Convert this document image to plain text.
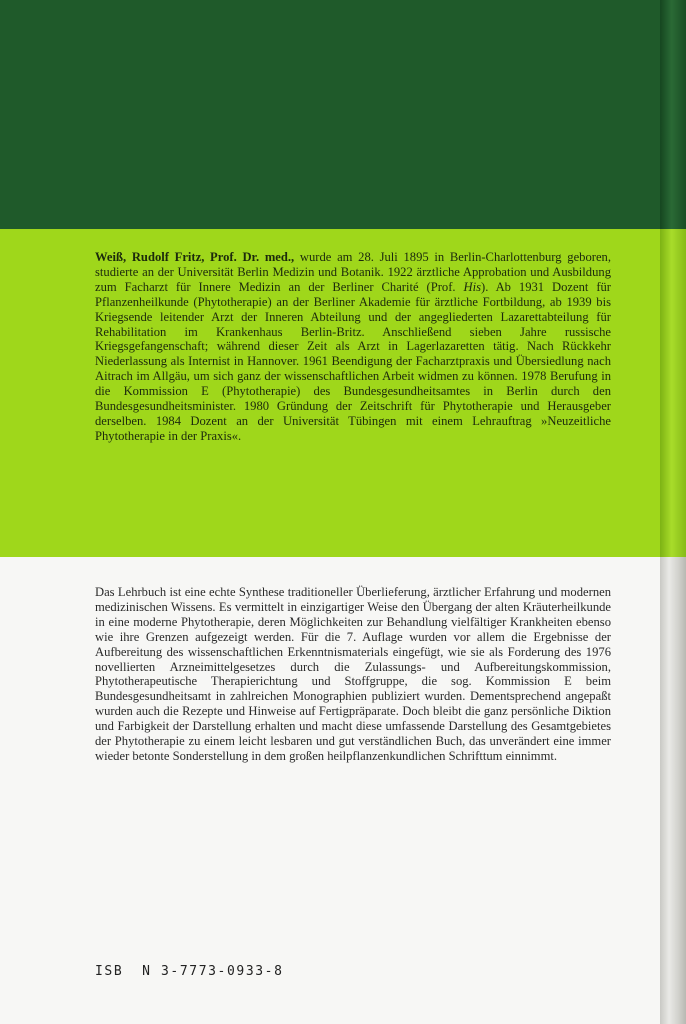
Weiß, Rudolf Fritz, Prof. Dr. med., wurde am 28. Juli 1895 in Berlin-Charlottenburg geboren, studierte an der Universität Berlin Medizin und Botanik. 1922 ärztliche Approbation und Ausbildung zum Facharzt für Innere Medizin an der Berliner Charité (Prof. His). Ab 1931 Dozent für Pflanzenheilkunde (Phytotherapie) an der Berliner Akademie für ärztliche Fortbildung, ab 1939 bis Kriegsende leitender Arzt der Inneren Abteilung und der angegliederten Lazarettabteilung für Rehabilitation im Krankenhaus Berlin-Britz. Anschließend sieben Jahre russische Kriegsgefangenschaft; während dieser Zeit als Arzt in Lagerlazaretten tätig. Nach Rückkehr Niederlassung als Internist in Hannover. 1961 Beendigung der Facharztpraxis und Übersiedlung nach Aitrach im Allgäu, um sich ganz der wissenschaftlichen Arbeit widmen zu können. 1978 Berufung in die Kommission E (Phytotherapie) des Bundesgesundheitsamtes in Berlin durch den Bundesgesundheitsminister. 1980 Gründung der Zeitschrift für Phytotherapie und Herausgeber derselben. 1984 Dozent an der Universität Tübingen mit einem Lehrauftrag »Neuzeitliche Phytotherapie in der Praxis«.

Das Lehrbuch ist eine echte Synthese traditioneller Überlieferung, ärztlicher Erfahrung und modernen medizinischen Wissens. Es vermittelt in einzigartiger Weise den Übergang der alten Kräuterheilkunde in eine moderne Phytotherapie, deren Möglichkeiten zur Behandlung vielfältiger Krankheiten ebenso wie ihre Grenzen aufgezeigt werden. Für die 7. Auflage wurden vor allem die Ergebnisse der Aufbereitung des wissenschaftlichen Erkenntnismaterials eingefügt, wie sie als Forderung des 1976 novellierten Arzneimittelgesetzes durch die Zulassungs- und Aufbereitungskommission, Phytotherapeutische Therapierichtung und Stoffgruppe, die sog. Kommission E beim Bundesgesundheitsamt in zahlreichen Monographien publiziert wurden. Dementsprechend angepaßt wurden auch die Rezepte und Hinweise auf Fertigpräparate. Doch bleibt die ganz persönliche Diktion und Farbigkeit der Darstellung erhalten und macht diese umfassende Darstellung des Gesamtgebietes der Phytotherapie zu einem leicht lesbaren und gut verständlichen Buch, das unverändert eine immer wieder betonte Sonderstellung in dem großen heilpflanzenkundlichen Schrifttum einnimmt.

ISB N 3-7773-0933-8
